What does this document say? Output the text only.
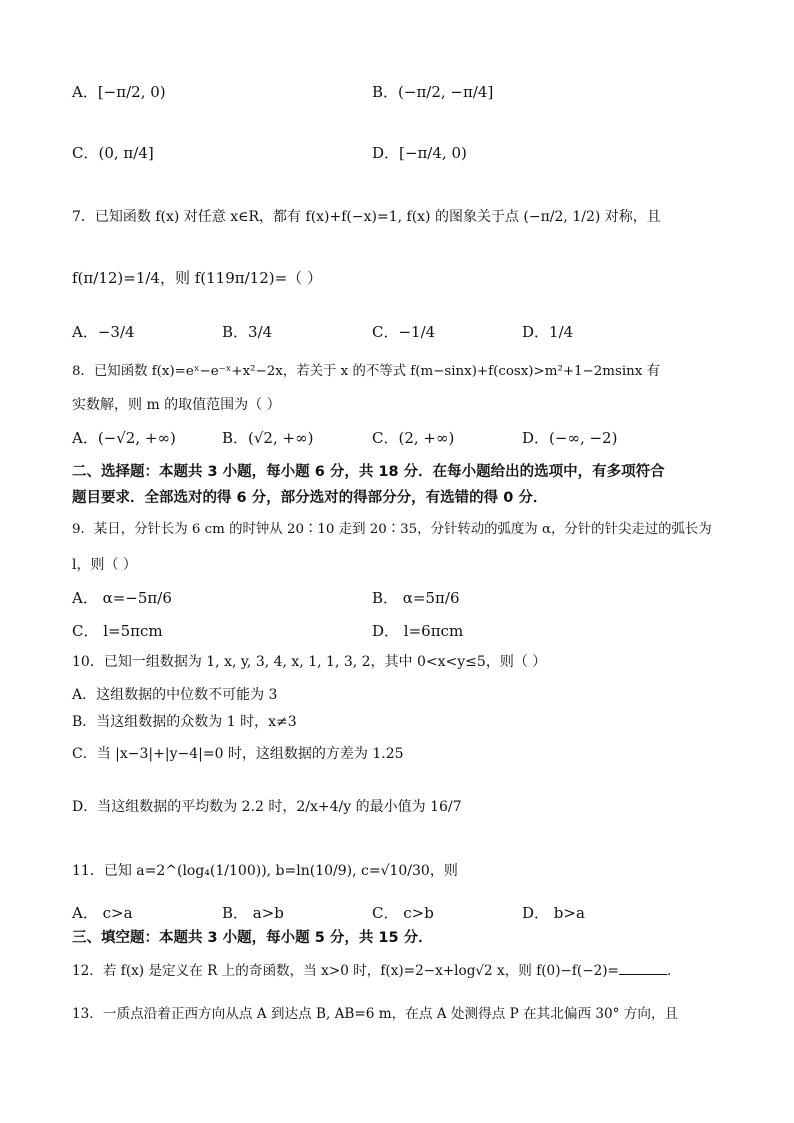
A．[−π/2, 0)	B．(−π/2, −π/4]
C．(0, π/4]	D．[−π/4, 0)
7．已知函数 f(x) 对任意 x∈R，都有 f(x)+f(−x)=1, f(x) 的图象关于点 (−π/2, 1/2) 对称，且
f(π/12)=1/4，则 f(119π/12)=（ ）
A．−3/4	B．3/4	C．−1/4	D．1/4
8．已知函数 f(x)=eˣ−e⁻ˣ+x²−2x，若关于 x 的不等式 f(m−sinx)+f(cosx)>m²+1−2msinx 有
实数解，则 m 的取值范围为（ ）
A．(−√2, +∞)	B．(√2, +∞)	C．(2, +∞)	D．(−∞, −2)
二、选择题：本题共 3 小题，每小题 6 分，共 18 分．在每小题给出的选项中，有多项符合
题目要求．全部选对的得 6 分，部分选对的得部分分，有选错的得 0 分．
9．某日，分针长为 6 cm 的时钟从 20∶10 走到 20∶35，分针转动的弧度为 α，分针的针尖走过的弧长为
l，则（ ）
A． α=−5π/6	B． α=5π/6
C． l=5πcm	D． l=6πcm
10．已知一组数据为 1, x, y, 3, 4, x, 1, 1, 3, 2，其中 0<x<y≤5，则（ ）
A．这组数据的中位数不可能为 3
B．当这组数据的众数为 1 时，x≠3
C．当 |x−3|+|y−4|=0 时，这组数据的方差为 1.25
D．当这组数据的平均数为 2.2 时，2/x+4/y 的最小值为 16/7
11．已知 a=2^(log₄(1/100)), b=ln(10/9), c=√10/30，则
A． c>a	B． a>b	C． c>b	D． b>a
三、填空题：本题共 3 小题，每小题 5 分，共 15 分．
12．若 f(x) 是定义在 R 上的奇函数，当 x>0 时，f(x)=2−x+log√2 x，则 f(0)−f(−2)=	．
13．一质点沿着正西方向从点 A 到达点 B, AB=6 m，在点 A 处测得点 P 在其北偏西 30° 方向，且
